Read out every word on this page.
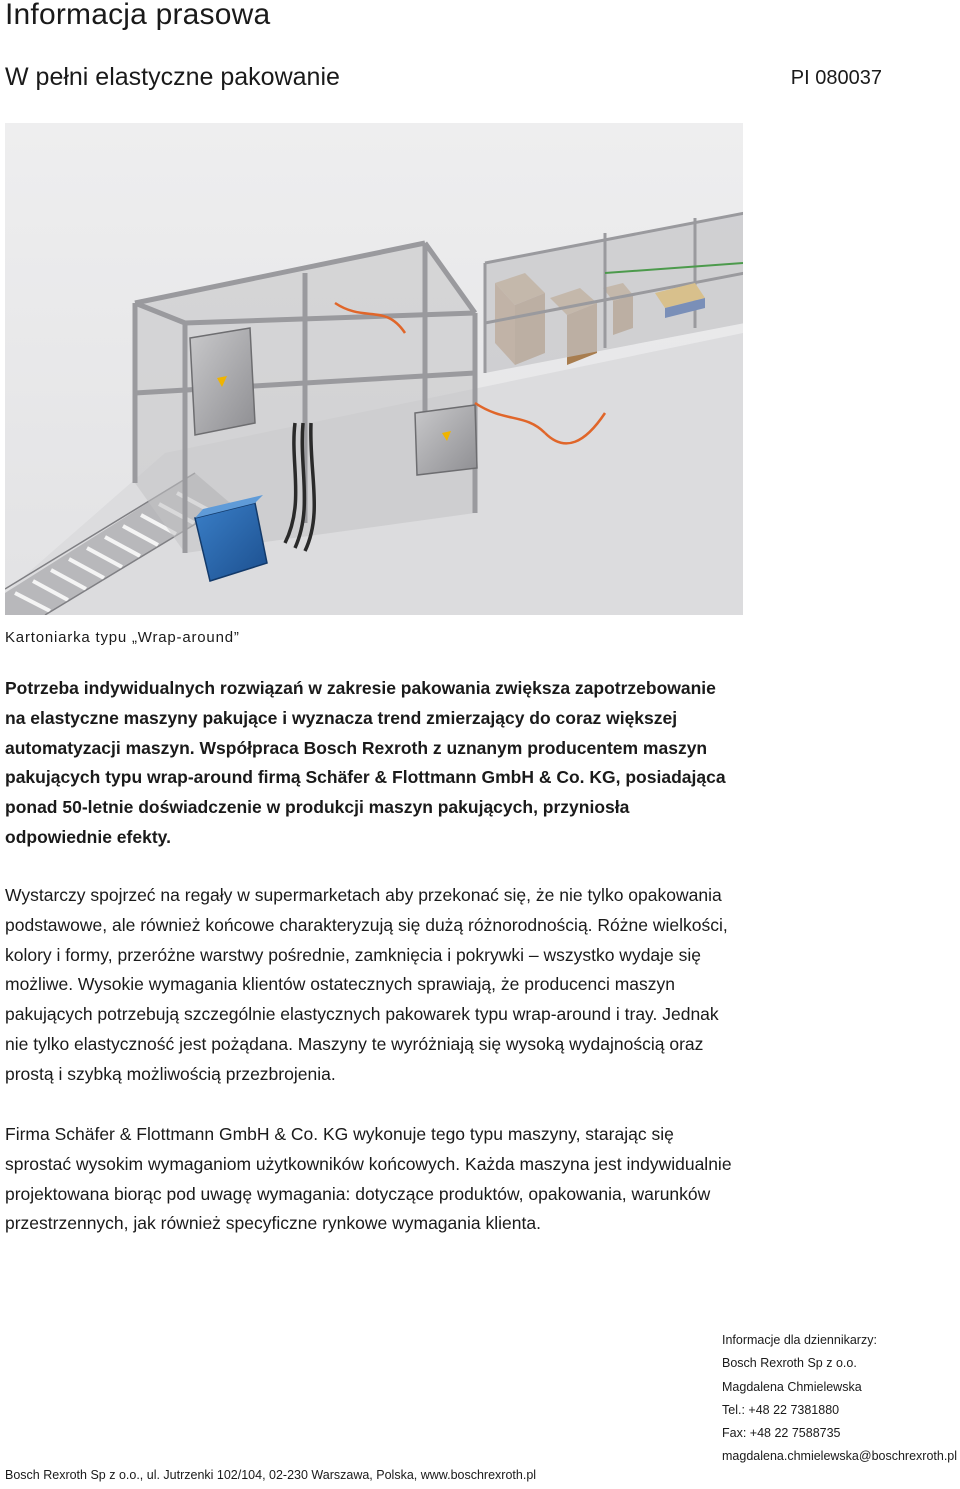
Informacja prasowa
W pełni elastyczne pakowanie	PI 080037
Kartoniarka typu „Wrap-around”

Potrzeba indywidualnych rozwiązań w zakresie pakowania zwiększa zapotrzebowanie na elastyczne maszyny pakujące i wyznacza trend zmierzający do coraz większej automatyzacji maszyn. Współpraca Bosch Rexroth z uznanym producentem maszyn pakujących typu wrap-around firmą Schäfer & Flottmann GmbH & Co. KG, posiadająca ponad 50-letnie doświadczenie w produkcji maszyn pakujących, przyniosła odpowiednie efekty.

Wystarczy spojrzeć na regały w supermarketach aby przekonać się, że nie tylko opakowania podstawowe, ale również końcowe charakteryzują się dużą różnorodnością. Różne wielkości, kolory i formy, przeróżne warstwy pośrednie, zamknięcia i pokrywki – wszystko wydaje się możliwe. Wysokie wymagania klientów ostatecznych sprawiają, że producenci maszyn pakujących potrzebują szczególnie elastycznych pakowarek typu wrap-around i tray. Jednak nie tylko elastyczność jest pożądana. Maszyny te wyróżniają się wysoką wydajnością oraz prostą i szybką możliwością przezbrojenia.

Firma Schäfer & Flottmann GmbH & Co. KG wykonuje tego typu maszyny, starając się sprostać wysokim wymaganiom użytkowników końcowych. Każda maszyna jest indywidualnie projektowana biorąc pod uwagę wymagania: dotyczące produktów, opakowania, warunków przestrzennych, jak również specyficzne rynkowe wymagania klienta.

Informacje dla dziennikarzy:
Bosch Rexroth Sp z o.o.
Magdalena Chmielewska
Tel.: +48 22 7381880
Fax: +48 22 7588735
magdalena.chmielewska@boschrexroth.pl
Bosch Rexroth Sp z o.o., ul. Jutrzenki 102/104, 02-230 Warszawa, Polska, www.boschrexroth.pl
